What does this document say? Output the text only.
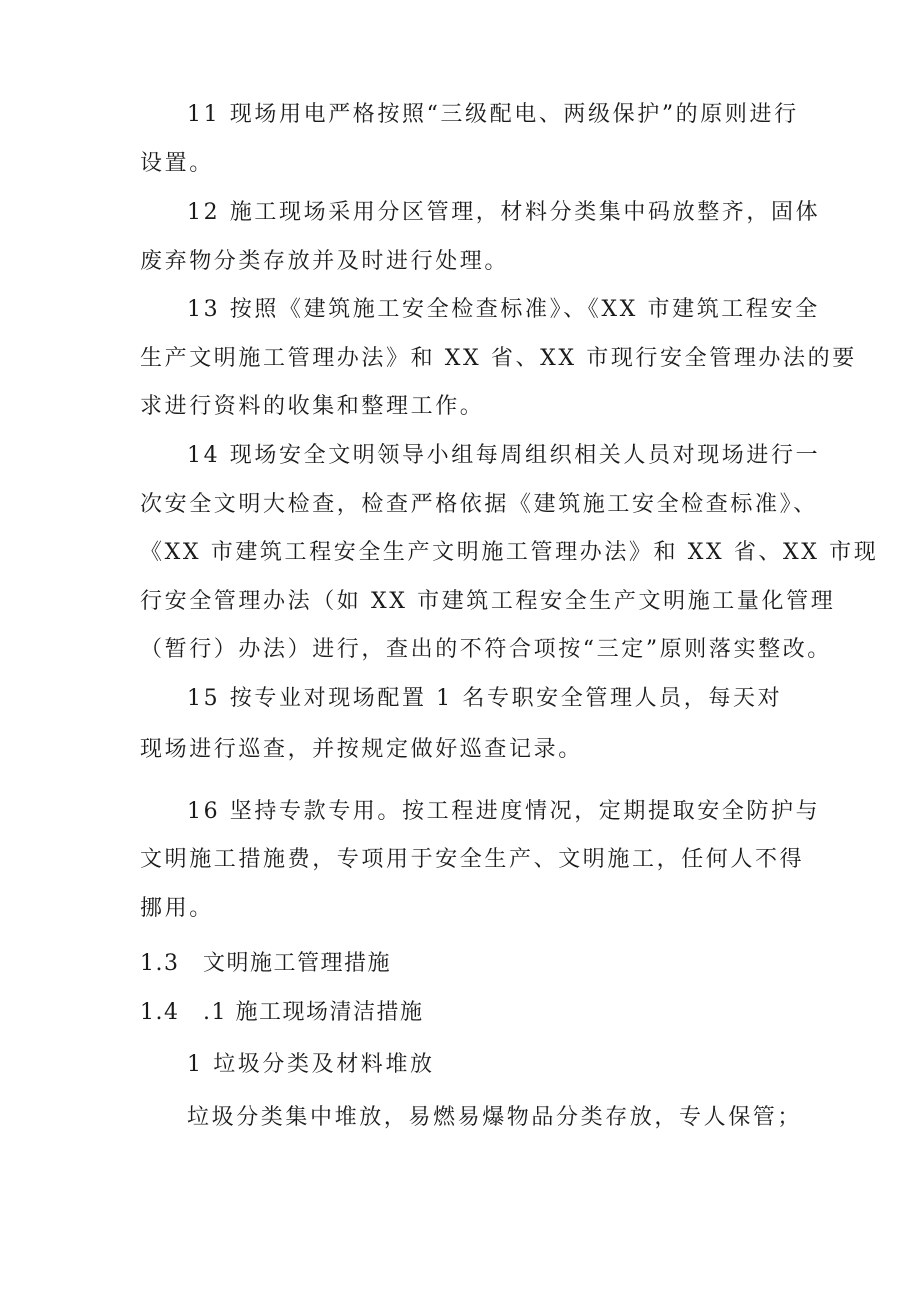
11 现场用电严格按照“三级配电、两级保护”的原则进行
设置。
12 施工现场采用分区管理，材料分类集中码放整齐，固体
废弃物分类存放并及时进行处理。
13 按照《建筑施工安全检查标准》、《XX 市建筑工程安全
生产文明施工管理办法》和 XX 省、XX 市现行安全管理办法的要
求进行资料的收集和整理工作。
14 现场安全文明领导小组每周组织相关人员对现场进行一
次安全文明大检查，检查严格依据《建筑施工安全检查标准》、
《XX 市建筑工程安全生产文明施工管理办法》和 XX 省、XX 市现
行安全管理办法（如 XX 市建筑工程安全生产文明施工量化管理
（暂行）办法）进行，查出的不符合项按“三定”原则落实整改。
15 按专业对现场配置 1 名专职安全管理人员，每天对
现场进行巡查，并按规定做好巡查记录。
16 坚持专款专用。按工程进度情况，定期提取安全防护与
文明施工措施费，专项用于安全生产、文明施工，任何人不得
挪用。
1.3　文明施工管理措施
1.4　.1 施工现场清洁措施
1 垃圾分类及材料堆放
垃圾分类集中堆放，易燃易爆物品分类存放，专人保管；
